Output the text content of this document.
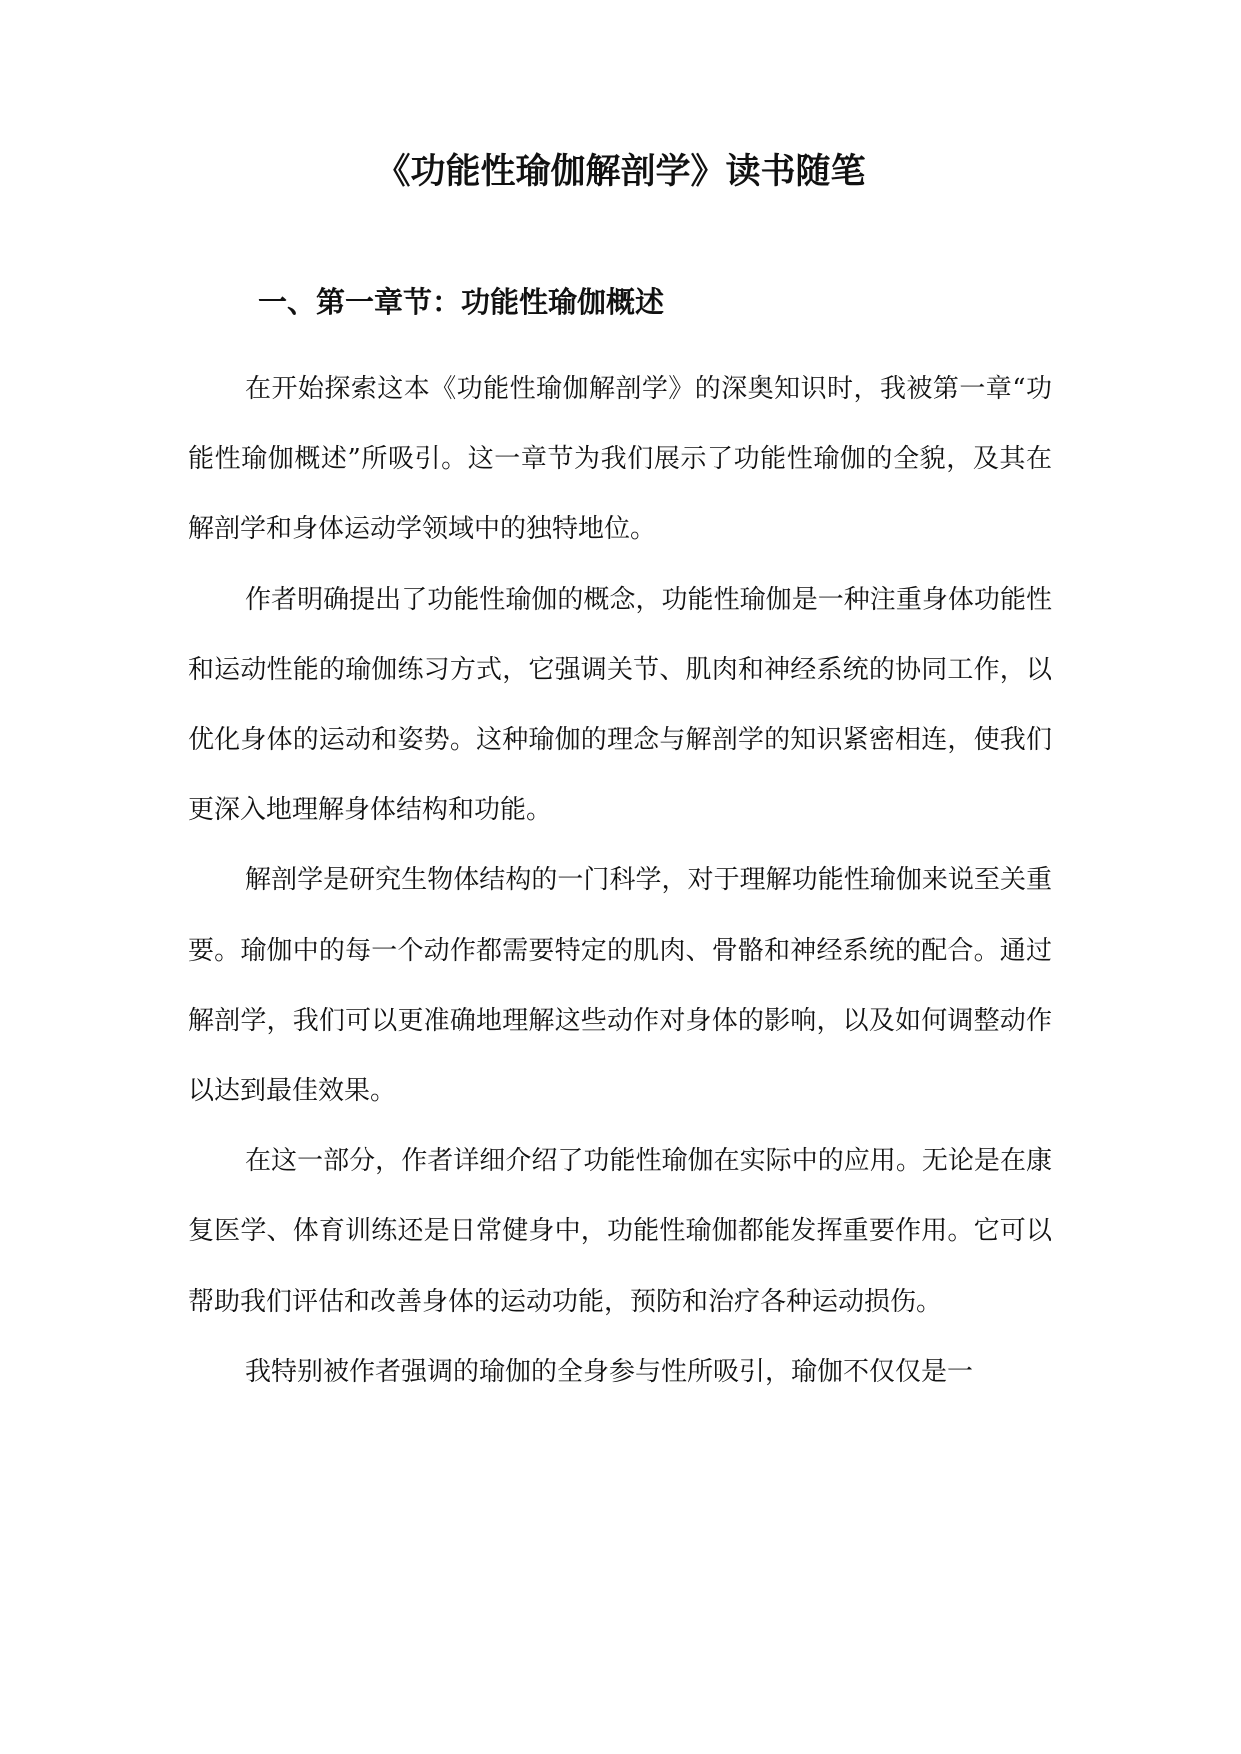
《功能性瑜伽解剖学》读书随笔
一、第一章节：功能性瑜伽概述

在开始探索这本《功能性瑜伽解剖学》的深奥知识时，我被第一章“功能性瑜伽概述”所吸引。这一章节为我们展示了功能性瑜伽的全貌，及其在解剖学和身体运动学领域中的独特地位。

作者明确提出了功能性瑜伽的概念，功能性瑜伽是一种注重身体功能性和运动性能的瑜伽练习方式，它强调关节、肌肉和神经系统的协同工作，以优化身体的运动和姿势。这种瑜伽的理念与解剖学的知识紧密相连，使我们更深入地理解身体结构和功能。

解剖学是研究生物体结构的一门科学，对于理解功能性瑜伽来说至关重要。瑜伽中的每一个动作都需要特定的肌肉、骨骼和神经系统的配合。通过解剖学，我们可以更准确地理解这些动作对身体的影响，以及如何调整动作以达到最佳效果。

在这一部分，作者详细介绍了功能性瑜伽在实际中的应用。无论是在康复医学、体育训练还是日常健身中，功能性瑜伽都能发挥重要作用。它可以帮助我们评估和改善身体的运动功能，预防和治疗各种运动损伤。

我特别被作者强调的瑜伽的全身参与性所吸引，瑜伽不仅仅是一
